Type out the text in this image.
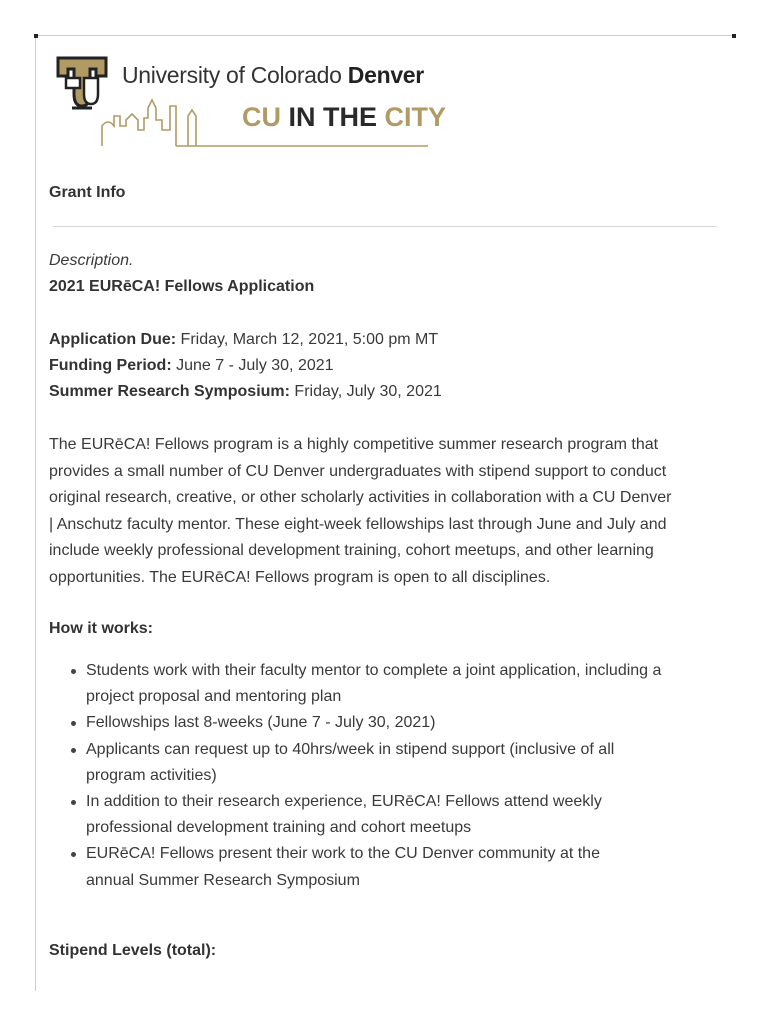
University of Colorado Denver
CU IN THE CITY
Grant Info
Description.
2021 EURēCA! Fellows Application
Application Due: Friday, March 12, 2021, 5:00 pm MT
Funding Period: June 7 - July 30, 2021
Summer Research Symposium: Friday, July 30, 2021
The EURēCA! Fellows program is a highly competitive summer research program that
provides a small number of CU Denver undergraduates with stipend support to conduct
original research, creative, or other scholarly activities in collaboration with a CU Denver
| Anschutz faculty mentor. These eight-week fellowships last through June and July and
include weekly professional development training, cohort meetups, and other learning
opportunities. The EURēCA! Fellows program is open to all disciplines.
How it works:
Students work with their faculty mentor to complete a joint application, including a
project proposal and mentoring plan
Fellowships last 8-weeks (June 7 - July 30, 2021)
Applicants can request up to 40hrs/week in stipend support (inclusive of all
program activities)
In addition to their research experience, EURēCA! Fellows attend weekly
professional development training and cohort meetups
EURēCA! Fellows present their work to the CU Denver community at the
annual Summer Research Symposium
Stipend Levels (total):
